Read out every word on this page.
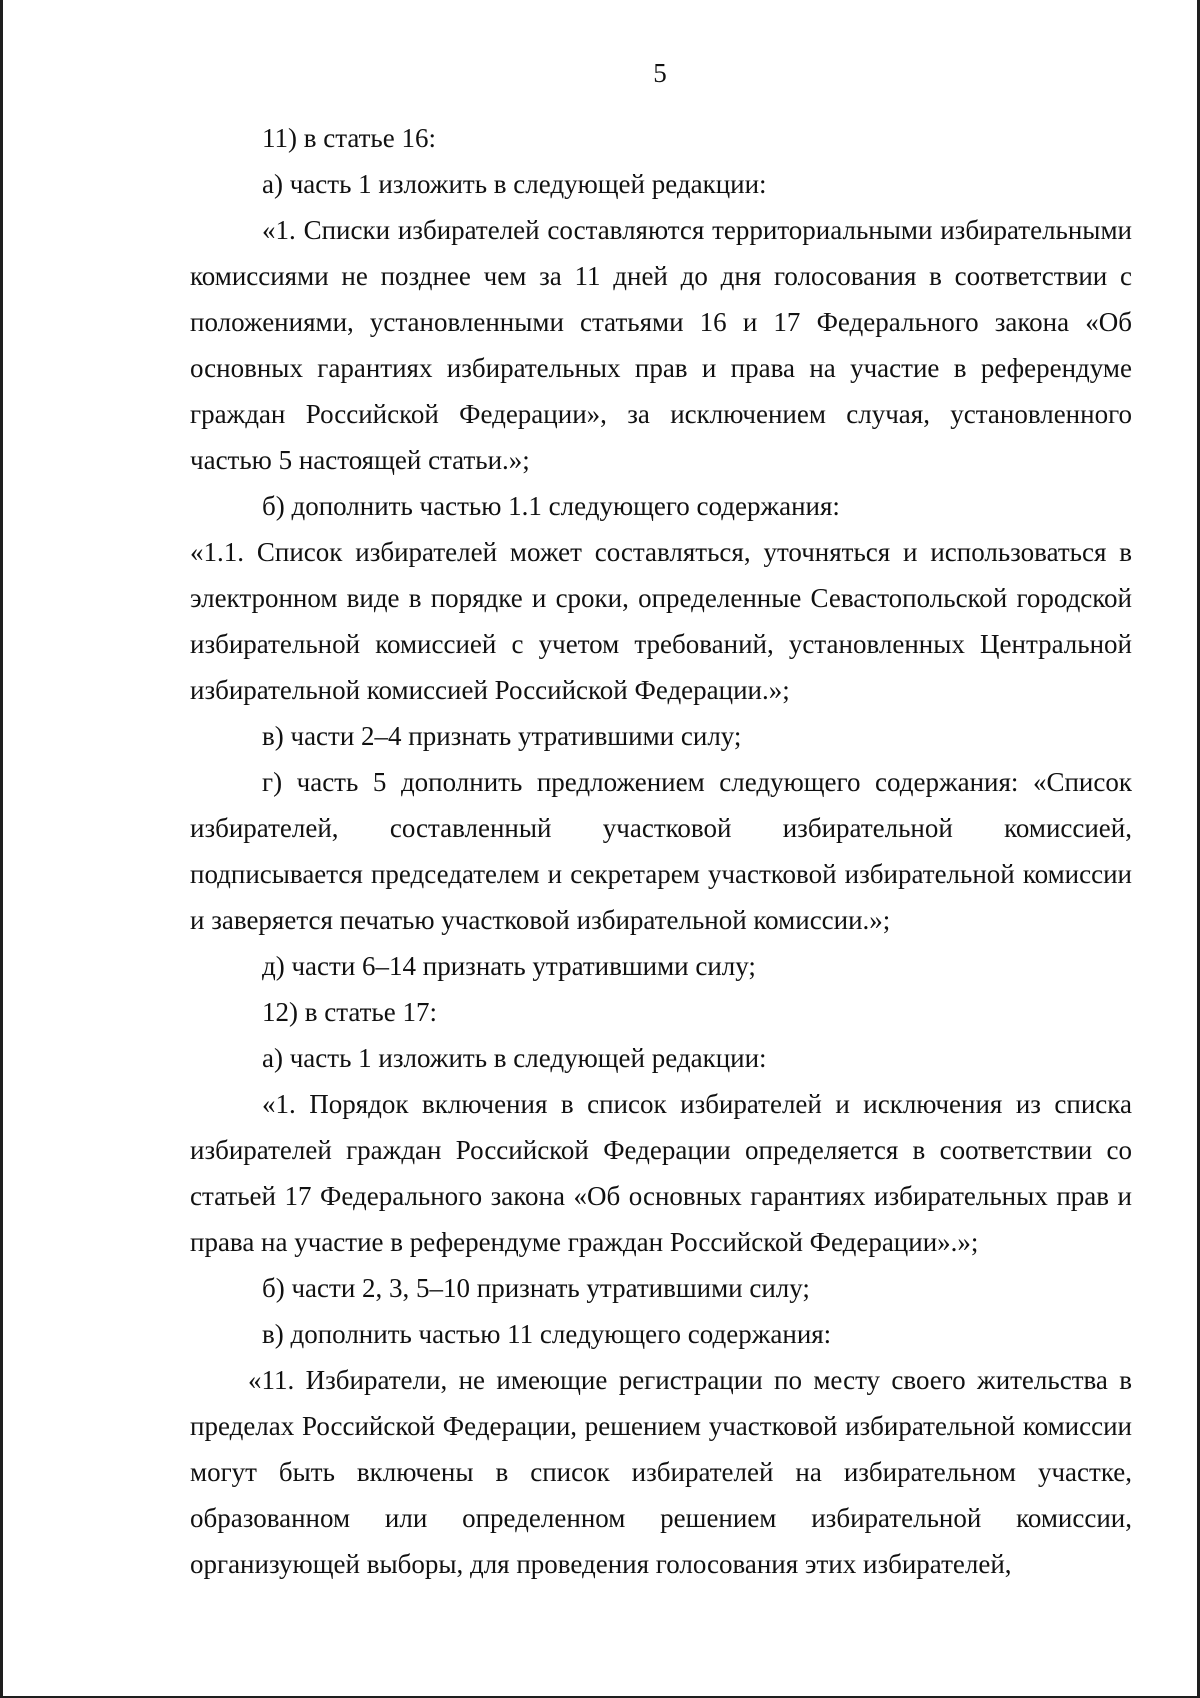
5

11) в статье 16:

а) часть 1 изложить в следующей редакции:

«1. Списки избирателей составляются территориальными избирательными комиссиями не позднее чем за 11 дней до дня голосования в соответствии с положениями, установленными статьями 16 и 17 Федерального закона «Об основных гарантиях избирательных прав и права на участие в референдуме граждан Российской Федерации», за исключением случая, установленного частью 5 настоящей статьи.»;

б) дополнить частью 1.1 следующего содержания:

«1.1. Список избирателей может составляться, уточняться и использоваться в электронном виде в порядке и сроки, определенные Севастопольской городской избирательной комиссией с учетом требований, установленных Центральной избирательной комиссией Российской Федерации.»;

в) части 2–4 признать утратившими силу;

г) часть 5 дополнить предложением следующего содержания: «Список избирателей, составленный участковой избирательной комиссией, подписывается председателем и секретарем участковой избирательной комиссии и заверяется печатью участковой избирательной комиссии.»;

д) части 6–14 признать утратившими силу;

12) в статье 17:

а) часть 1 изложить в следующей редакции:

«1. Порядок включения в список избирателей и исключения из списка избирателей граждан Российской Федерации определяется в соответствии со статьей 17 Федерального закона «Об основных гарантиях избирательных прав и права на участие в референдуме граждан Российской Федерации».»;

б) части 2, 3, 5–10 признать утратившими силу;

в) дополнить частью 11 следующего содержания:

«11. Избиратели, не имеющие регистрации по месту своего жительства в пределах Российской Федерации, решением участковой избирательной комиссии могут быть включены в список избирателей на избирательном участке, образованном или определенном решением избирательной комиссии, организующей выборы, для проведения голосования этих избирателей,
